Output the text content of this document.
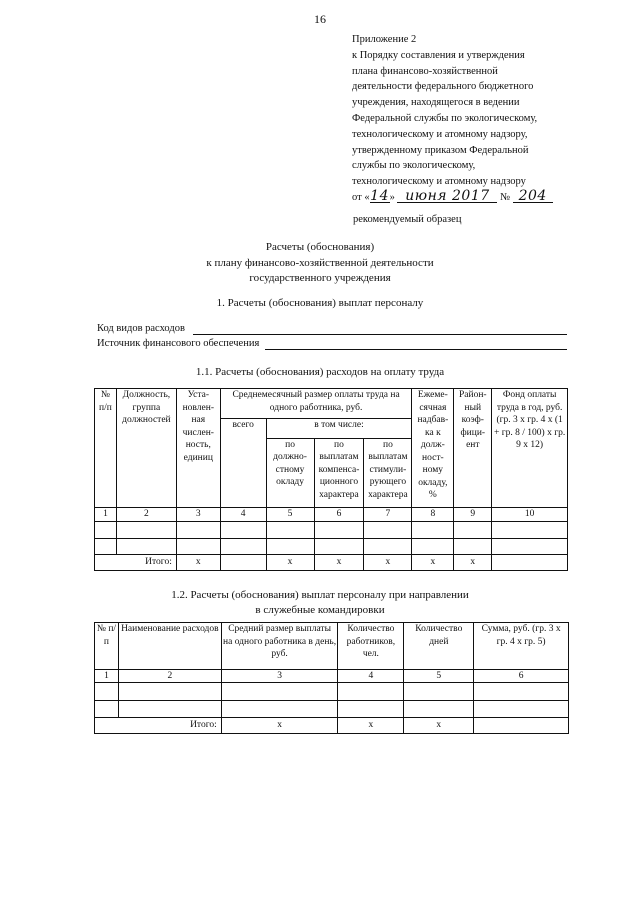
16
Приложение 2
к Порядку составления и утверждения
плана финансово-хозяйственной
деятельности федерального бюджетного
учреждения, находящегося в ведении
Федеральной службы по экологическому,
технологическому и атомному надзору,
утвержденному приказом Федеральной
службы по экологическому,
технологическому и атомному надзору
от «14» июня 2017 № 204
рекомендуемый образец
Расчеты (обоснования)
к плану финансово-хозяйственной деятельности
государственного учреждения
1. Расчеты (обоснования) выплат персоналу
Код видов расходов
Источник финансового обеспечения
1.1. Расчеты (обоснования) расходов на оплату труда
№ п/п	Должность, группа должностей	Уста-новлен-ная числен-ность, единиц	Среднемесячный размер оплаты труда на одного работника, руб.				Ежеме-сячная надбав-ка к долж-ност-ному окладу, %	Район-ный коэф-фици-ент	Фонд оплаты труда в год, руб. (гр. 3 х гр. 4 х (1 + гр. 8 / 100) х гр. 9 х 12)
			всего	в том числе:					
				по должно-стному окладу	по выплатам компенса-ционного характера	по выплатам стимули-рующего характера			
1	2	3	4	5	6	7	8	9	10

Итого:		x		x	x	x	x	x	
1.2. Расчеты (обоснования) выплат персоналу при направлении
в служебные командировки
№ п/п	Наименование расходов	Средний размер выплаты на одного работника в день, руб.	Количество работников, чел.	Количество дней	Сумма, руб. (гр. 3 х гр. 4 х гр. 5)
1	2	3	4	5	6

Итого:		x	x	x	
